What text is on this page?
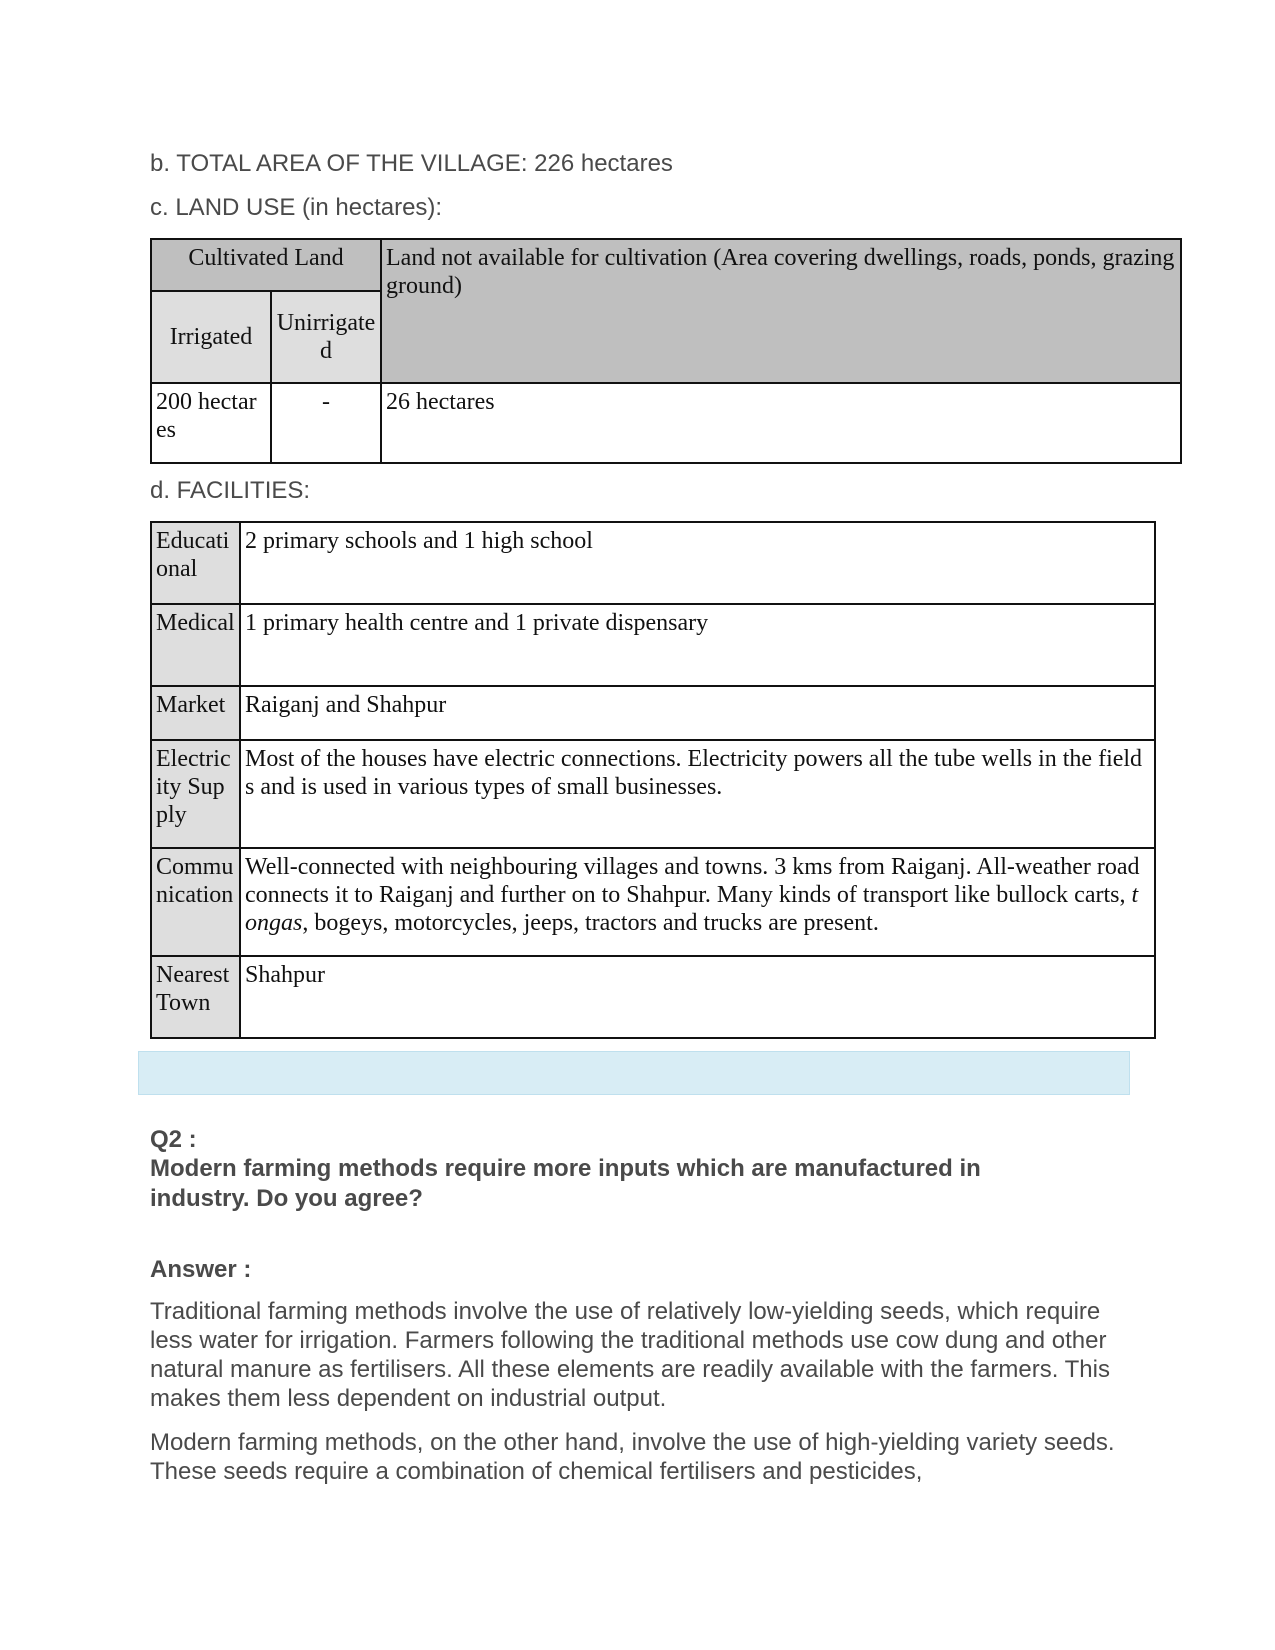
b. TOTAL AREA OF THE VILLAGE: 226 hectares
c. LAND USE (in hectares):
Cultivated Land		Land not available for cultivation (Area covering dwellings, roads, ponds, grazing ground)
Irrigated	Unirrigated	
200 hectares	-	26 hectares
d. FACILITIES:
Educational	2 primary schools and 1 high school
Medical	1 primary health centre and 1 private dispensary
Market	Raiganj and Shahpur
Electricity Supply	Most of the houses have electric connections. Electricity powers all the tube wells in the fields and is used in various types of small businesses.
Communication	Well-connected with neighbouring villages and towns. 3 kms from Raiganj. All-weather road connects it to Raiganj and further on to Shahpur. Many kinds of transport like bullock carts, tongas, bogeys, motorcycles, jeeps, tractors and trucks are present.
Nearest Town	Shahpur
Q2 :
Modern farming methods require more inputs which are manufactured in industry. Do you agree?
Answer :

Traditional farming methods involve the use of relatively low-yielding seeds, which require less water for irrigation. Farmers following the traditional methods use cow dung and other natural manure as fertilisers. All these elements are readily available with the farmers. This makes them less dependent on industrial output.

Modern farming methods, on the other hand, involve the use of high-yielding variety seeds. These seeds require a combination of chemical fertilisers and pesticides,
